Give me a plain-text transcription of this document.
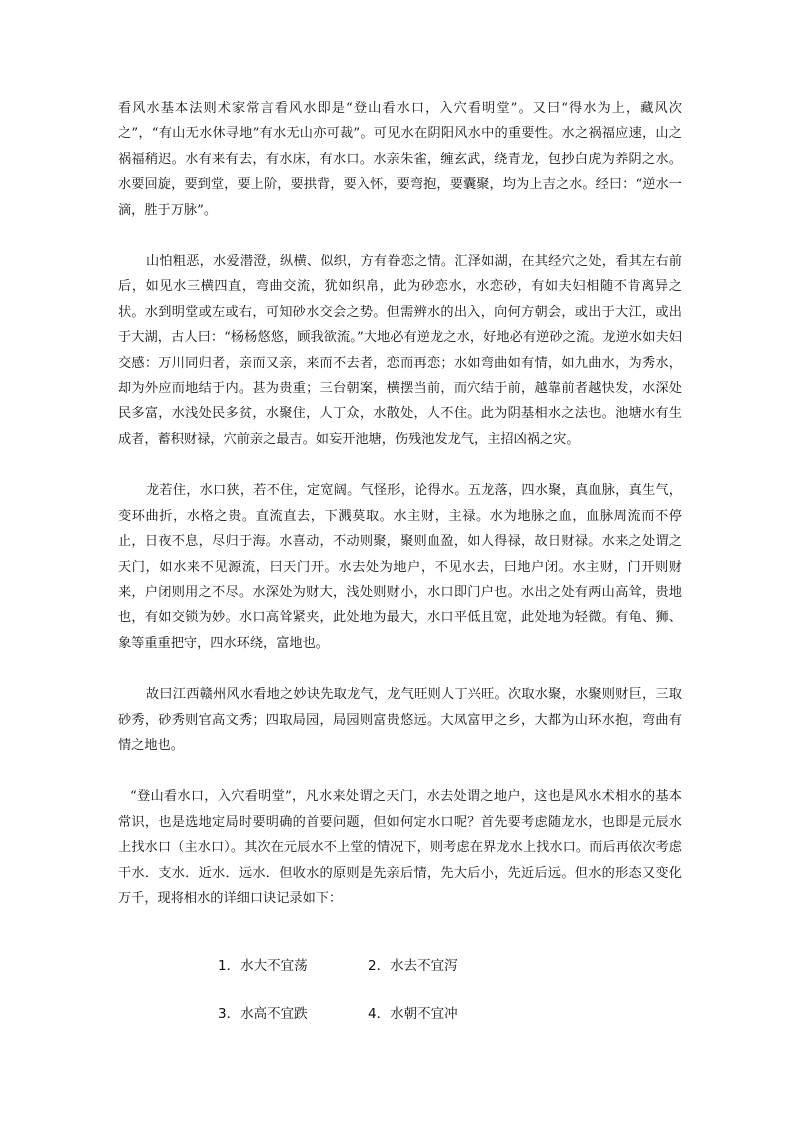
看风水基本法则术家常言看风水即是“登山看水口，入穴看明堂”。又曰“得水为上，藏风次之”，“有山无水休寻地”有水无山亦可裁”。可见水在阴阳风水中的重要性。水之祸福应速，山之祸福稍迟。水有来有去，有水床，有水口。水亲朱雀，缠玄武，绕青龙，包抄白虎为养阴之水。水要回旋，要到堂，要上阶，要拱背，要入怀，要弯抱，要囊聚，均为上吉之水。经曰：“逆水一滴，胜于万脉”。

山怕粗恶，水爱潜澄，纵横、似织，方有眷恋之情。汇泽如湖，在其经穴之处，看其左右前后，如见水三横四直，弯曲交流，犹如织帛，此为砂恋水，水恋砂，有如夫妇相随不肯离异之状。水到明堂或左或右，可知砂水交会之势。但需辨水的出入，向何方朝会，或出于大江，或出于大湖，古人曰：“杨杨悠悠，顾我欲流。”大地必有逆龙之水，好地必有逆砂之流。龙逆水如夫妇交感：万川同归者，亲而又亲，来而不去者，恋而再恋；水如弯曲如有情，如九曲水，为秀水，却为外应而地结于内。甚为贵重；三台朝案，横摆当前，而穴结于前，越靠前者越快发，水深处民多富，水浅处民多贫，水聚住，人丁众，水散处，人不住。此为阴基相水之法也。池塘水有生成者，蓄积财禄，穴前亲之最吉。如妄开池塘，伤残池发龙气，主招凶祸之灾。

龙若住，水口狭，若不住，定宽阔。气怪形，论得水。五龙落，四水聚，真血脉，真生气，变环曲折，水格之贵。直流直去，下溅莫取。水主财，主禄。水为地脉之血，血脉周流而不停止，日夜不息，尽归于海。水喜动，不动则聚，聚则血盈，如人得禄，故日财禄。水来之处谓之天门，如水来不见源流，曰天门开。水去处为地户，不见水去，曰地户闭。水主财，门开则财来，户闭则用之不尽。水深处为财大，浅处则财小，水口即门户也。水出之处有两山高耸，贵地也，有如交锁为妙。水口高耸紧夹，此处地为最大，水口平低且宽，此处地为轻微。有龟、狮、象等重重把守，四水环绕，富地也。

故曰江西赣州风水看地之妙诀先取龙气，龙气旺则人丁兴旺。次取水聚，水聚则财巨，三取砂秀，砂秀则官高文秀；四取局园，局园则富贵悠远。大凤富甲之乡，大都为山环水抱，弯曲有情之地也。

“登山看水口，入穴看明堂”，凡水来处谓之天门，水去处谓之地户，这也是风水术相水的基本常识，也是选地定局时要明确的首要问题，但如何定水口呢？首先要考虑随龙水，也即是元辰水上找水口（主水口）。其次在元辰水不上堂的情况下，则考虑在界龙水上找水口。而后再依次考虑干水．支水．近水．远水．但收水的原则是先亲后情，先大后小，先近后远。但水的形态又变化万千，现将相水的详细口诀记录如下：

1．水大不宜荡	2．水去不宜泻
3．水高不宜跌	4．水朝不宜冲
